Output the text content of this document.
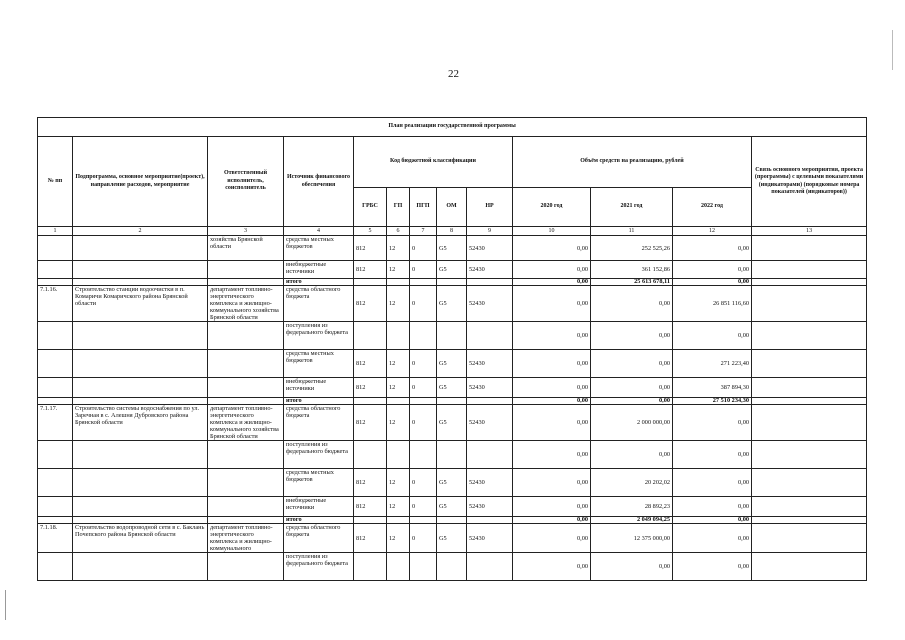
22
План реализации государственной программы												
№ пп	Подпрограмма, основное мероприятие(проект), направление расходов, мероприятие	Ответственный исполнитель, соисполнитель	Источник финансового обеспечения	Код бюджетной классификации					Объём средств на реализацию, рублей			Связь основного мероприятия, проекта (программы) с целевыми показателями (индикаторами) (порядковые номера показателей (индикаторов))
				ГРБС	ГП	ПГП	ОМ	НР	2020 год	2021 год	2022 год	
1	2	3	4	5	6	7	8	9	10	11	12	13
		хозяйства Брянской области	средства местных бюджетов	812	12	0	G5	52430	0,00	252 525,26	0,00	
			внебюджетные источники	812	12	0	G5	52430	0,00	361 152,86	0,00	
			итого						0,00	25 613 678,11	0,00	
7.1.16.	Строительство станции водоочистки в п. Комаричи Комаричского района Брянской области	департамент топливно-энергетического комплекса и жилищно-коммунального хозяйства Брянской области	средства областного бюджета	812	12	0	G5	52430	0,00	0,00	26 851 116,60	
			поступления из федерального бюджета						0,00	0,00	0,00	
			средства местных бюджетов	812	12	0	G5	52430	0,00	0,00	271 223,40	
			внебюджетные источники	812	12	0	G5	52430	0,00	0,00	387 894,30	
			итого						0,00	0,00	27 510 234,30	
7.1.17.	Строительство системы водоснабжения по ул. Заречная в с. Алешня Дубровского района Брянской области	департамент топливно-энергетического комплекса и жилищно-коммунального хозяйства Брянской области	средства областного бюджета	812	12	0	G5	52430	0,00	2 000 000,00	0,00	
			поступления из федерального бюджета						0,00	0,00	0,00	
			средства местных бюджетов	812	12	0	G5	52430	0,00	20 202,02	0,00	
			внебюджетные источники	812	12	0	G5	52430	0,00	28 892,23	0,00	
			итого						0,00	2 049 094,25	0,00	
7.1.18.	Строительство водопроводной сети в с. Баклань Почепского района Брянской области	департамент топливно-энергетического комплекса и жилищно-коммунального	средства областного бюджета	812	12	0	G5	52430	0,00	12 375 000,00	0,00	
			поступления из федерального бюджета						0,00	0,00	0,00	
